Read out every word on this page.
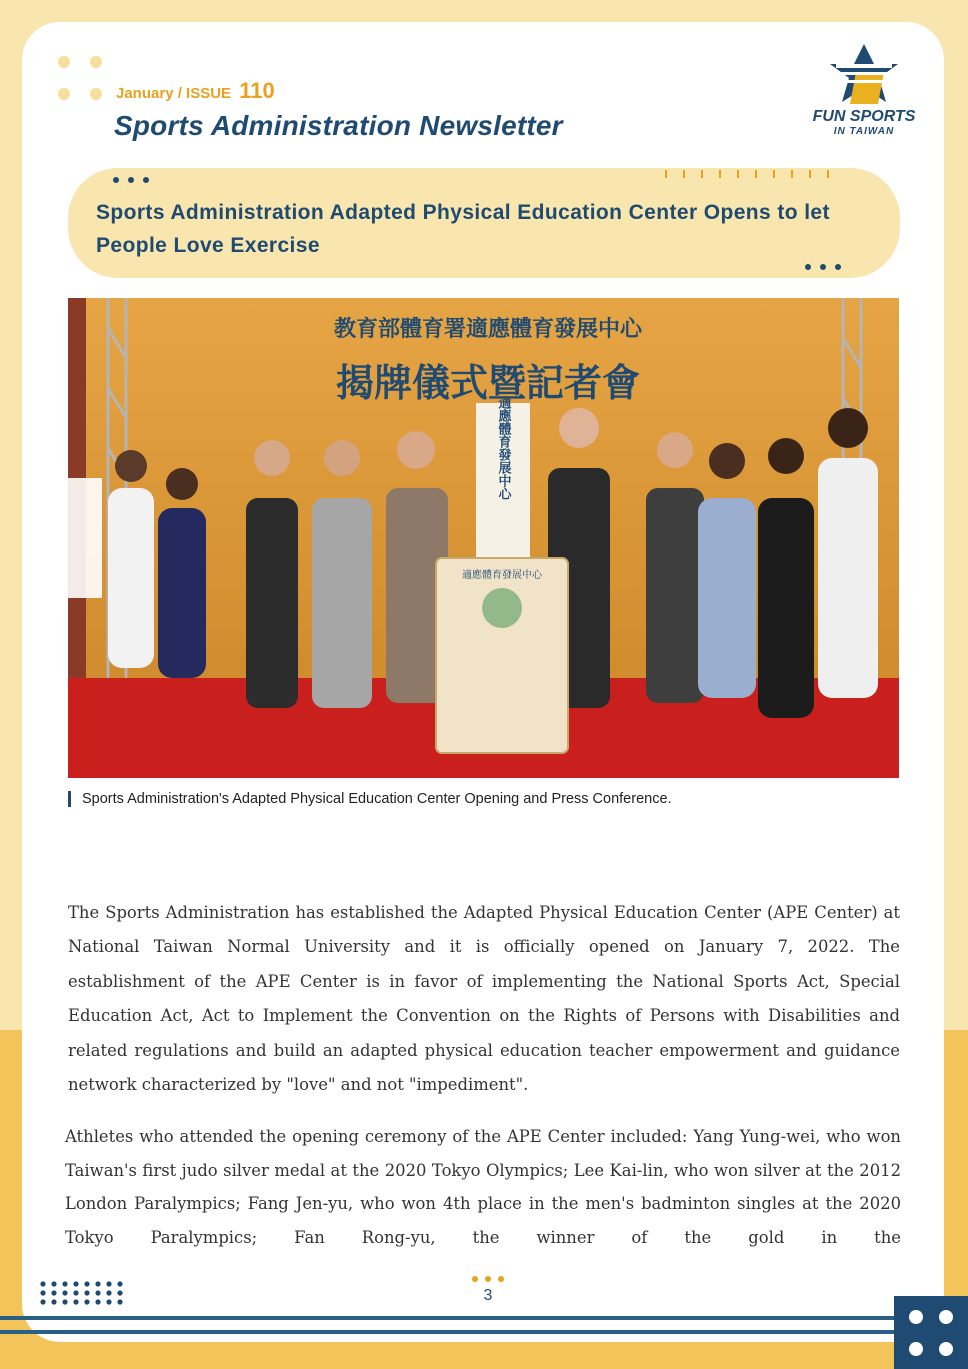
January / ISSUE 110
Sports Administration Newsletter	FUN SPORTS
IN TAIWAN
Sports Administration Adapted Physical Education Center Opens to let People Love Exercise
教育部體育署適應體育發展中心
揭牌儀式暨記者會
適應體育發展中心
適應體育發展中心
Sports Administration's Adapted Physical Education Center Opening and Press Conference.
The Sports Administration has established the Adapted Physical Education Center (APE Center) at National Taiwan Normal University and it is officially opened on January 7, 2022. The establishment of the APE Center is in favor of implementing the National Sports Act, Special Education Act, Act to Implement the Convention on the Rights of Persons with Disabilities and related regulations and build an adapted physical education teacher empowerment and guidance network characterized by "love" and not "impediment".
Athletes who attended the opening ceremony of the APE Center included: Yang Yung-wei, who won Taiwan's first judo silver medal at the 2020 Tokyo Olympics; Lee Kai-lin, who won silver at the 2012 London Paralympics; Fang Jen-yu, who won 4th place in the men's badminton singles at the 2020 Tokyo Paralympics; Fan Rong-yu, the winner of the gold in the
3
